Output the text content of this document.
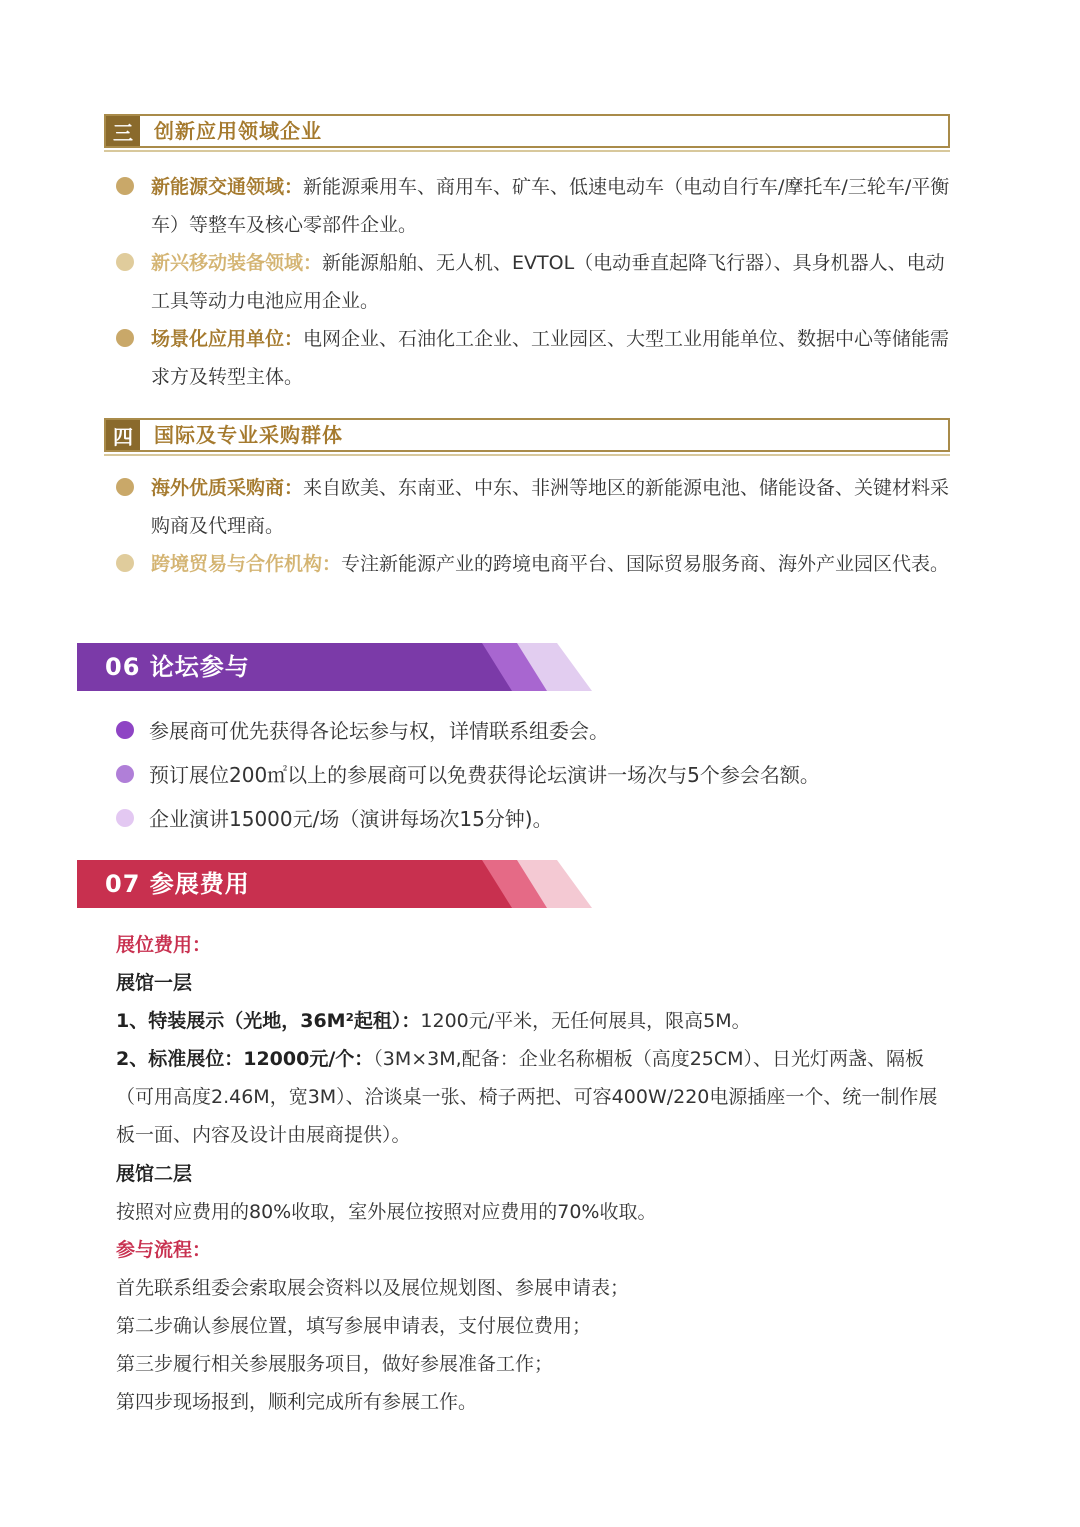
三	创新应用领域企业
新能源交通领域：新能源乘用车、商用车、矿车、低速电动车（电动自行车/摩托车/三轮车/平衡车）等整车及核心零部件企业。
新兴移动装备领域：新能源船舶、无人机、EVTOL（电动垂直起降飞行器）、具身机器人、电动工具等动力电池应用企业。
场景化应用单位：电网企业、石油化工企业、工业园区、大型工业用能单位、数据中心等储能需求方及转型主体。
四	国际及专业采购群体
海外优质采购商：来自欧美、东南亚、中东、非洲等地区的新能源电池、储能设备、关键材料采购商及代理商。
跨境贸易与合作机构：专注新能源产业的跨境电商平台、国际贸易服务商、海外产业园区代表。
06 论坛参与
参展商可优先获得各论坛参与权，详情联系组委会。
预订展位200㎡以上的参展商可以免费获得论坛演讲一场次与5个参会名额。
企业演讲15000元/场（演讲每场次15分钟)。
07 参展费用
展位费用：
展馆一层
1、特装展示（光地，36M²起租）：1200元/平米，无任何展具，限高5M。
2、标准展位：12000元/个：（3M×3M,配备：企业名称楣板（高度25CM）、日光灯两盏、隔板（可用高度2.46M，宽3M）、洽谈桌一张、椅子两把、可容400W/220电源插座一个、统一制作展板一面、内容及设计由展商提供）。
展馆二层
按照对应费用的80%收取，室外展位按照对应费用的70%收取。
参与流程：
首先联系组委会索取展会资料以及展位规划图、参展申请表；
第二步确认参展位置，填写参展申请表，支付展位费用；
第三步履行相关参展服务项目，做好参展准备工作；
第四步现场报到，顺利完成所有参展工作。
